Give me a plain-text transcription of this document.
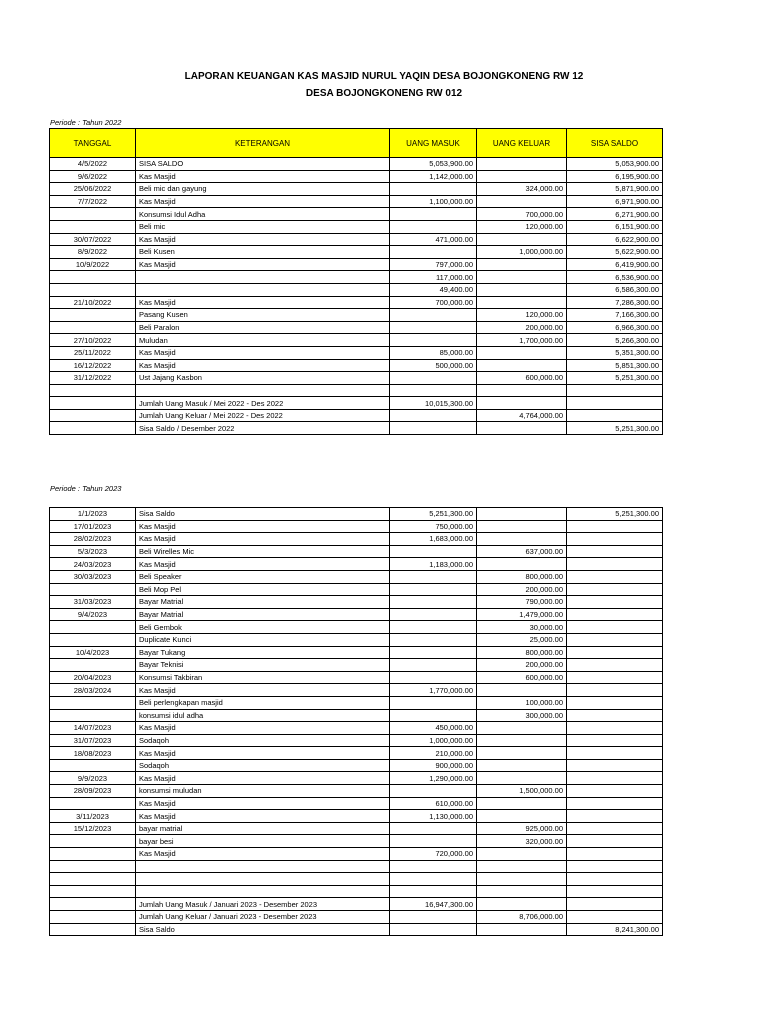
LAPORAN KEUANGAN KAS MASJID NURUL YAQIN DESA BOJONGKONENG RW 12
DESA BOJONGKONENG RW 012
Periode : Tahun 2022
TANGGAL	KETERANGAN	UANG MASUK	UANG KELUAR	SISA SALDO
4/5/2022	SISA SALDO	5,053,900.00		5,053,900.00
9/6/2022	Kas Masjid	1,142,000.00		6,195,900.00
25/06/2022	Beli mic dan gayung		324,000.00	5,871,900.00
7/7/2022	Kas Masjid	1,100,000.00		6,971,900.00
	Konsumsi Idul Adha		700,000.00	6,271,900.00
	Beli mic		120,000.00	6,151,900.00
30/07/2022	Kas Masjid	471,000.00		6,622,900.00
8/9/2022	Beli Kusen		1,000,000.00	5,622,900.00
10/9/2022	Kas Masjid	797,000.00		6,419,900.00
		117,000.00		6,536,900.00
		49,400.00		6,586,300.00
21/10/2022	Kas Masjid	700,000.00		7,286,300.00
	Pasang Kusen		120,000.00	7,166,300.00
	Beli Paralon		200,000.00	6,966,300.00
27/10/2022	Muludan		1,700,000.00	5,266,300.00
25/11/2022	Kas Masjid	85,000.00		5,351,300.00
16/12/2022	Kas Masjid	500,000.00		5,851,300.00
31/12/2022	Ust Jajang Kasbon		600,000.00	5,251,300.00

	Jumlah Uang Masuk / Mei 2022 - Des 2022	10,015,300.00		
	Jumlah Uang Keluar / Mei 2022 - Des 2022		4,764,000.00	
	Sisa Saldo / Desember 2022			5,251,300.00
Periode : Tahun 2023
1/1/2023	Sisa Saldo	5,251,300.00		5,251,300.00
17/01/2023	Kas Masjid	750,000.00		
28/02/2023	Kas Masjid	1,683,000.00		
5/3/2023	Beli Wirelles Mic		637,000.00	
24/03/2023	Kas Masjid	1,183,000.00		
30/03/2023	Beli Speaker		800,000.00	
	Beli Mop Pel		200,000.00	
31/03/2023	Bayar Matrial		790,000.00	
9/4/2023	Bayar Matrial		1,479,000.00	
	Beli Gembok		30,000.00	
	Duplicate Kunci		25,000.00	
10/4/2023	Bayar Tukang		800,000.00	
	Bayar Teknisi		200,000.00	
20/04/2023	Konsumsi Takbiran		600,000.00	
28/03/2024	Kas Masjid	1,770,000.00		
	Beli perlengkapan masjid		100,000.00	
	konsumsi idul adha		300,000.00	
14/07/2023	Kas Masjid	450,000.00		
31/07/2023	Sodaqoh	1,000,000.00		
18/08/2023	Kas Masjid	210,000.00		
	Sodaqoh	900,000.00		
9/9/2023	Kas Masjid	1,290,000.00		
28/09/2023	konsumsi muludan		1,500,000.00	
	Kas Masjid	610,000.00		
3/11/2023	Kas Masjid	1,130,000.00		
15/12/2023	bayar matrial		925,000.00	
	bayar besi		320,000.00	
	Kas Masjid	720,000.00		

	Jumlah Uang Masuk / Januari 2023 - Desember 2023	16,947,300.00		
	Jumlah Uang Keluar / Januari 2023 - Desember 2023		8,706,000.00	
	Sisa Saldo			8,241,300.00
